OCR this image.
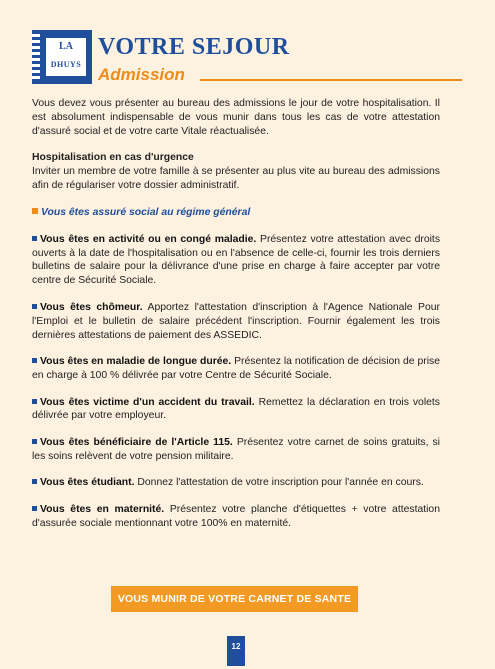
LA
DHUYS
VOTRE SEJOUR
Admission

Vous devez vous présenter au bureau des admissions le jour de votre hospitalisation. Il est absolument indispensable de vous munir dans tous les cas de votre attestation d'assuré social et de votre carte Vitale réactualisée.

Hospitalisation en cas d'urgence
Inviter un membre de votre famille à se présenter au plus vite au bureau des admissions afin de régulariser votre dossier administratif.

Vous êtes assuré social au régime général

Vous êtes en activité ou en congé maladie. Présentez votre attestation avec droits ouverts à la date de l'hospitalisation ou en l'absence de celle-ci, fournir les trois derniers bulletins de salaire pour la délivrance d'une prise en charge à faire accepter par votre centre de Sécurité Sociale.

Vous êtes chômeur. Apportez l'attestation d'inscription à l'Agence Nationale Pour l'Emploi et le bulletin de salaire précédent l'inscription. Fournir également les trois dernières attestations de paiement des ASSEDIC.

Vous êtes en maladie de longue durée. Présentez la notification de décision de prise en charge à 100 % délivrée par votre Centre de Sécurité Sociale.

Vous êtes victime d'un accident du travail. Remettez la déclaration en trois volets délivrée par votre employeur.

Vous êtes bénéficiaire de l'Article 115. Présentez votre carnet de soins gratuits, si les soins relèvent de votre pension militaire.

Vous êtes étudiant. Donnez l'attestation de votre inscription pour l'année en cours.

Vous êtes en maternité. Présentez votre planche d'étiquettes + votre attestation d'assurée sociale mentionnant votre 100% en maternité.

VOUS MUNIR DE VOTRE CARNET DE SANTE
12
